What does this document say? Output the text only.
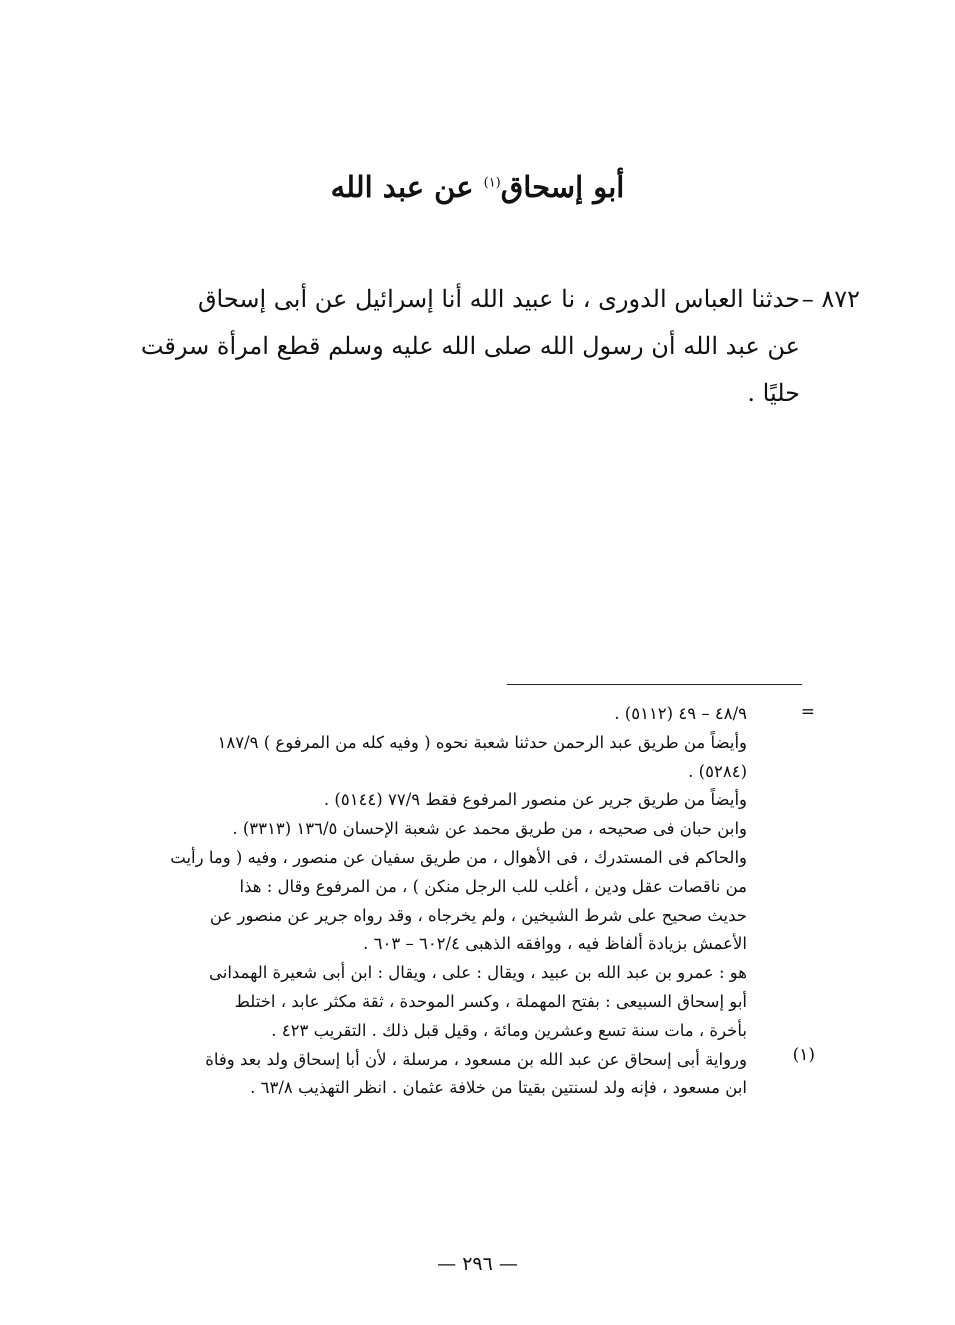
أبو إسحاق$^{(١)}$ عن عبد الله
٨٧٢ –
حدثنا العباس الدورى ، نا عبيد الله أنا إسرائيل عن أبى إسحاق
عن عبد الله أن رسول الله صلى الله عليه وسلم قطع امرأة سرقت
حليًا .
=
(١)
٤٨/٩ – ٤٩ (٥١١٢) .
وأيضاً من طريق عبد الرحمن حدثنا شعبة نحوه ( وفيه كله من المرفوع ) ١٨٧/٩
(٥٢٨٤) .
وأيضاً من طريق جرير عن منصور المرفوع فقط ٧٧/٩ (٥١٤٤) .
وابن حبان فى صحيحه ، من طريق محمد عن شعبة الإحسان ١٣٦/٥ (٣٣١٣) .
والحاكم فى المستدرك ، فى الأهوال ، من طريق سفيان عن منصور ، وفيه ( وما رأيت
من ناقصات عقل ودين ، أغلب للب الرجل منكن ) ، من المرفوع وقال : هذا
حديث صحيح على شرط الشيخين ، ولم يخرجاه ، وقد رواه جرير عن منصور عن
الأعمش بزيادة ألفاظ فيه ، ووافقه الذهبى ٦٠٢/٤ – ٦٠٣ .
هو : عمرو بن عبد الله بن عبيد ، ويقال : على ، ويقال : ابن أبى شعيرة الهمدانى
أبو إسحاق السبيعى : بفتح المهملة ، وكسر الموحدة ، ثقة مكثر عابد ، اختلط
بأخرة ، مات سنة تسع وعشرين ومائة ، وقيل قبل ذلك . التقريب ٤٢٣ .
ورواية أبى إسحاق عن عبد الله بن مسعود ، مرسلة ، لأن أبا إسحاق ولد بعد وفاة
ابن مسعود ، فإنه ولد لسنتين بقيتا من خلافة عثمان . انظر التهذيب ٦٣/٨ .
— ٢٩٦ —
